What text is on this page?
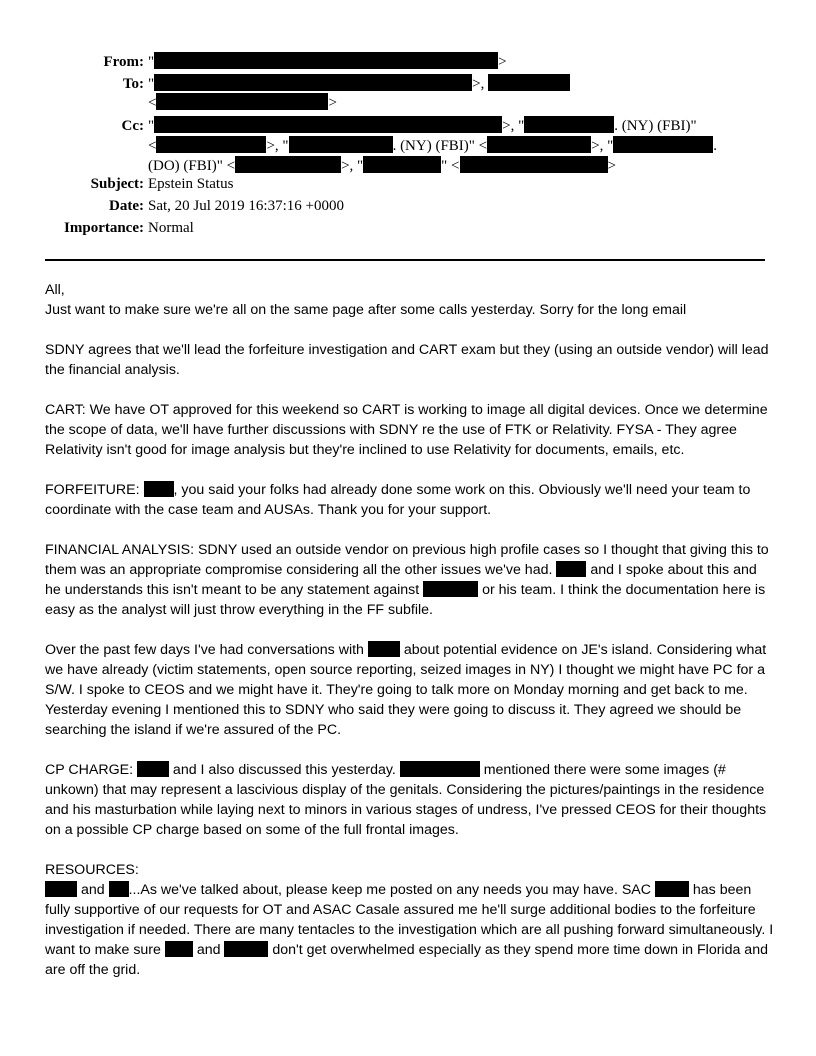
From: "	>
To: "	>,
<	>
Cc: "	>, "	. (NY) (FBI)"
<	>, "	. (NY) (FBI)" <	>, "	.
(DO) (FBI)" <	>, "	" <	>
Subject: Epstein Status
Date: Sat, 20 Jul 2019 16:37:16 +0000
Importance: Normal

All,

Just want to make sure we're all on the same page after some calls yesterday. Sorry for the long email

SDNY agrees that we'll lead the forfeiture investigation and CART exam but they (using an outside vendor) will lead the financial analysis.

CART: We have OT approved for this weekend so CART is working to image all digital devices. Once we determine the scope of data, we'll have further discussions with SDNY re the use of FTK or Relativity. FYSA - They agree Relativity isn't good for image analysis but they're inclined to use Relativity for documents, emails, etc.

FORFEITURE: , you said your folks had already done some work on this. Obviously we'll need your team to coordinate with the case team and AUSAs. Thank you for your support.

FINANCIAL ANALYSIS: SDNY used an outside vendor on previous high profile cases so I thought that giving this to them was an appropriate compromise considering all the other issues we've had.  and I spoke about this and he understands this isn't meant to be any statement against	or his team. I think the documentation here is easy as the analyst will just throw everything in the FF subfile.

Over the past few days I've had conversations with  about potential evidence on JE's island. Considering what we have already (victim statements, open source reporting, seized images in NY) I thought we might have PC for a S/W. I spoke to CEOS and we might have it. They're going to talk more on Monday morning and get back to me. Yesterday evening I mentioned this to SDNY who said they were going to discuss it. They agreed we should be searching the island if we're assured of the PC.

CP CHARGE:  and I also discussed this yesterday.	mentioned there were some images (# unkown) that may represent a lascivious display of the genitals. Considering the pictures/paintings in the residence and his masturbation while laying next to minors in various stages of undress, I've pressed CEOS for their thoughts on a possible CP charge based on some of the full frontal images.

RESOURCES:

and ...As we've talked about, please keep me posted on any needs you may have. SAC  has been fully supportive of our requests for OT and ASAC Casale assured me he'll surge additional bodies to the forfeiture investigation if needed. There are many tentacles to the investigation which are all pushing forward simultaneously. I want to make sure  and	don't get overwhelmed especially as they spend more time down in Florida and are off the grid.
